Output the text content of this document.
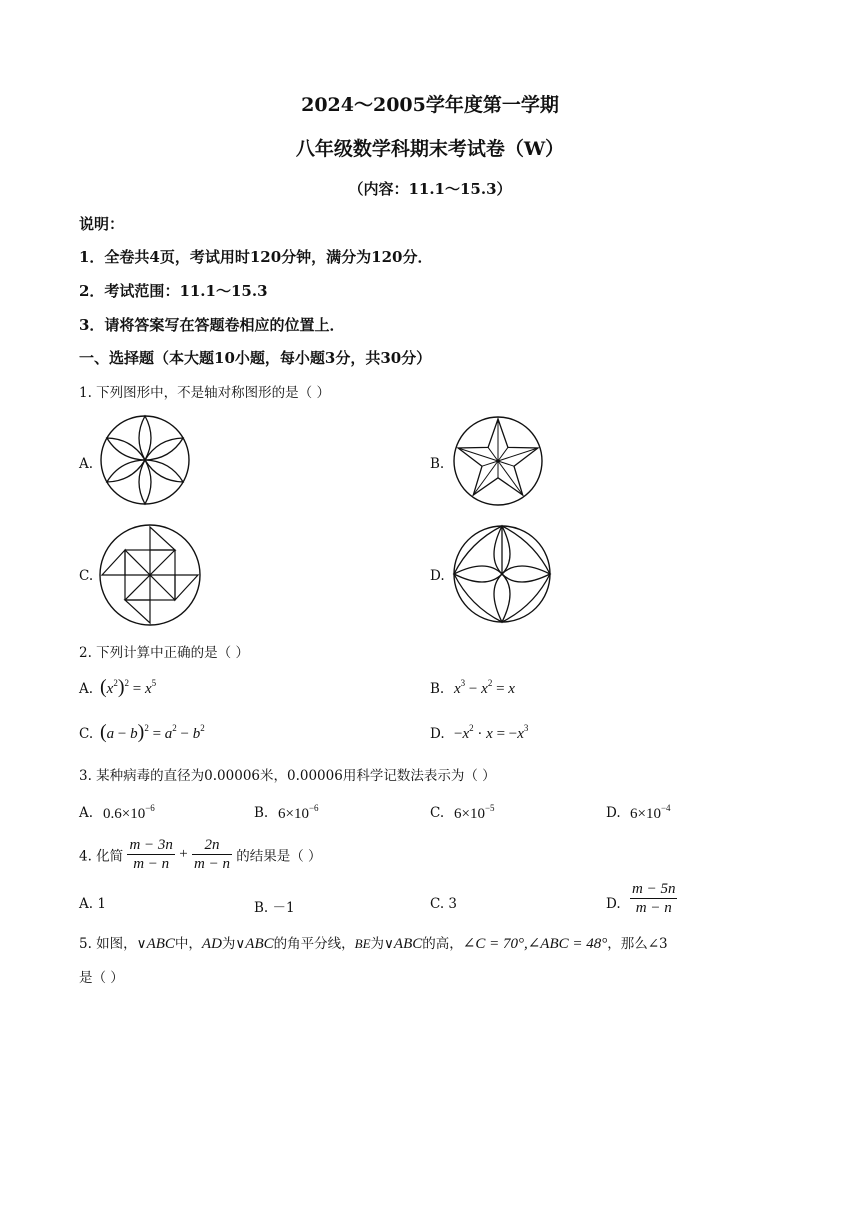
2024～2005学年度第一学期
八年级数学科期末考试卷（W）
（内容：11.1～15.3）
说明：
1．全卷共4页，考试用时120分钟，满分为120分．
2．考试范围：11.1～15.3
3．请将答案写在答题卷相应的位置上．
一、选择题（本大题10小题，每小题3分，共30分）
1. 下列图形中，不是轴对称图形的是（ ）
A.	B.
C.	D.
2. 下列计算中正确的是（ ）
A. $(x^2)^2 = x^5$	B. $x^3 - x^2 = x$
C. $(a - b)^2 = a^2 - b^2$	D. $-x^2 \cdot x = -x^3$
3. 某种病毒的直径为0.00006米，0.00006用科学记数法表示为（ ）
A. $0.6\times 10^{-6}$	B. $6\times 10^{-6}$	C. $6\times 10^{-5}$	D. $6\times 10^{-4}$
4. 化简 $\frac{m - 3n}{m - n} + \frac{2n}{m - n}$ 的结果是（ ）
A. 1	B. －1	C. 3	D. $\frac{m - 5n}{m - n}$
5. 如图，∨ABC中，AD为∨ABC的角平分线，BE为∨ABC的高，∠C = 70°,∠ABC = 48°，那么∠3
是（ ）
